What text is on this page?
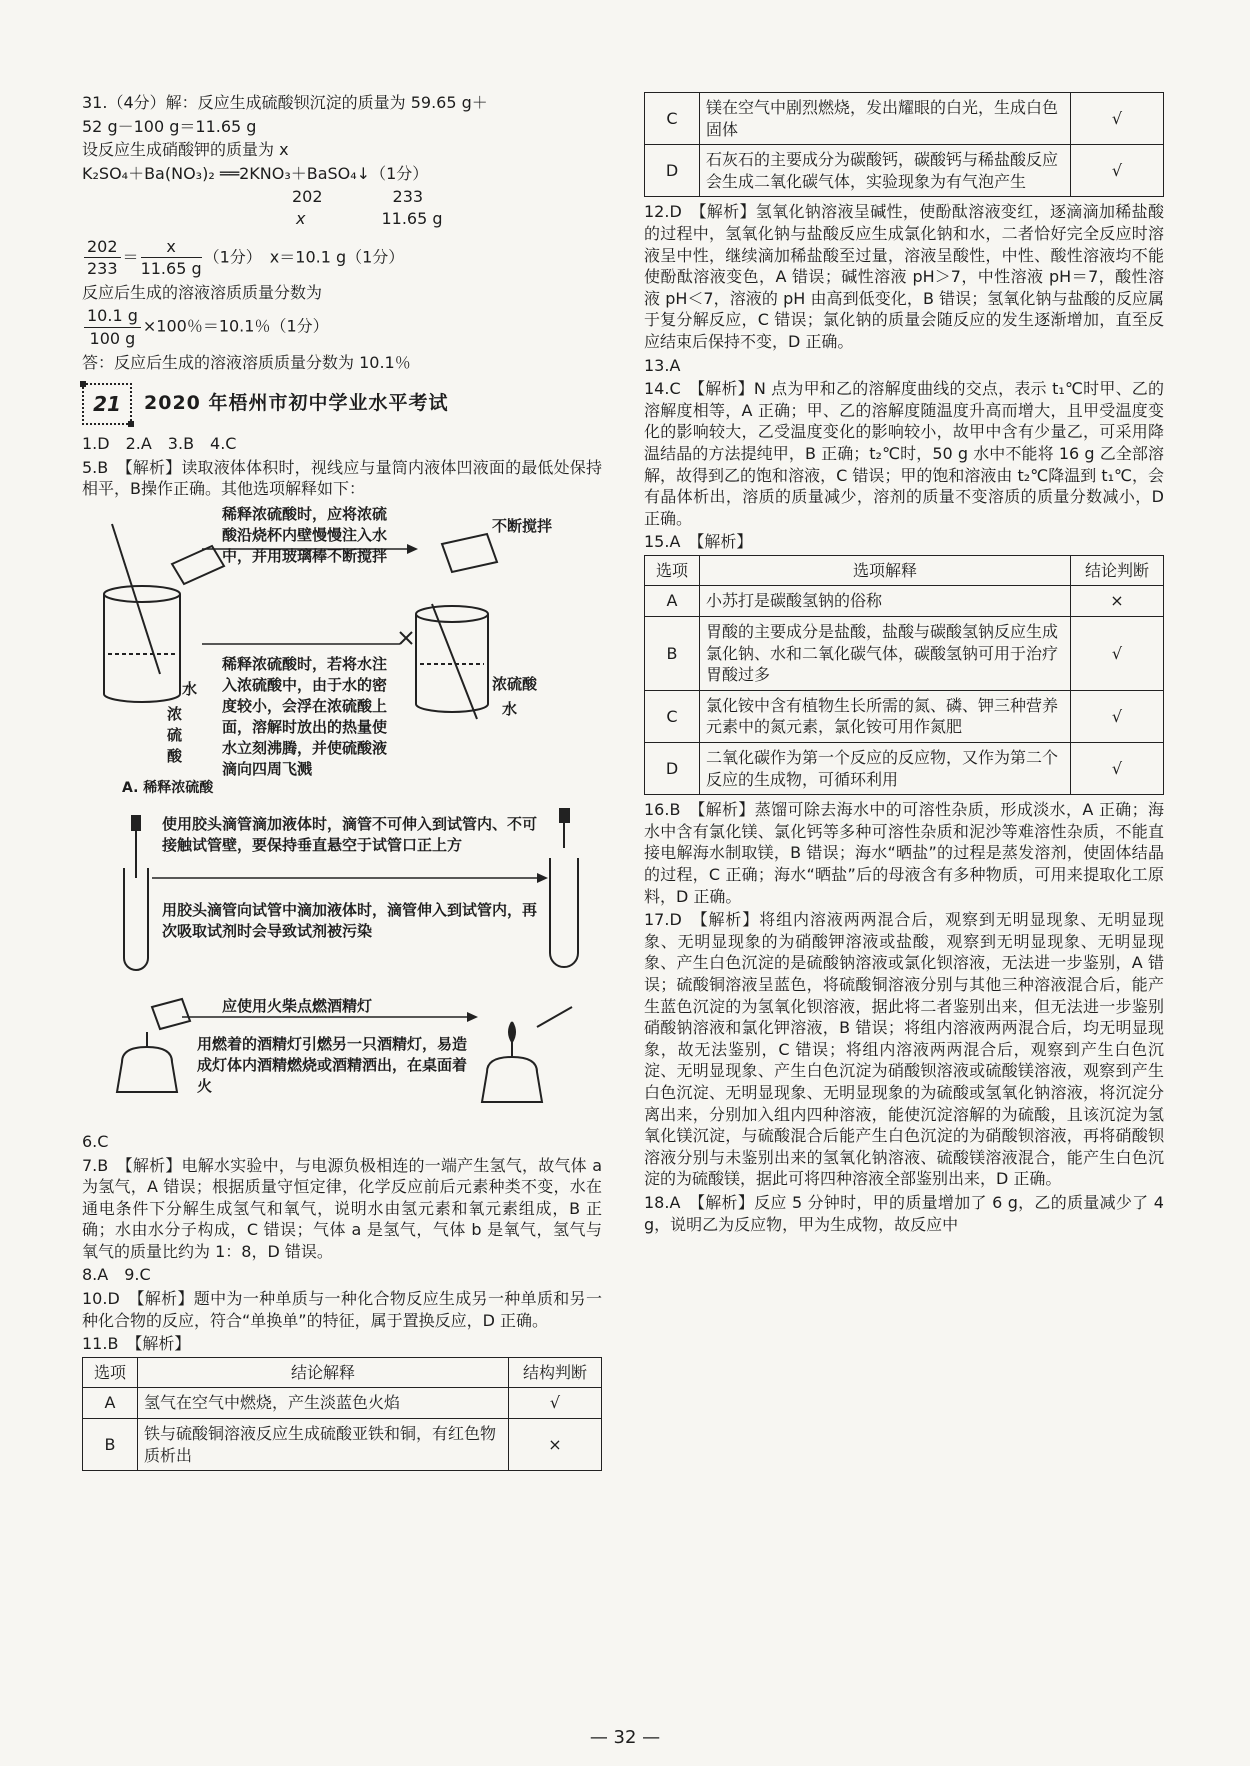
31.（4分）解：反应生成硫酸钡沉淀的质量为 59.65 g＋

52 g－100 g＝11.65 g

设反应生成硝酸钾的质量为 x

K₂SO₄＋Ba(NO₃)₂ ══2KNO₃＋BaSO₄↓（1分）

202	233
x	11.65 g

$\frac{202}{233} = \frac{x}{11.65 g} (1$分）　x＝10.1 g（1分）

反应后生成的溶液溶质质量分数为

$\frac{10.1 g}{100 g} \times 100$％＝10.1％（1分）

答：反应后生成的溶液溶质质量分数为 10.1％

21	2020 年梧州市初中学业水平考试

1.D　2.A　3.B　4.C

5.B　【解析】读取液体体积时，视线应与量筒内液体凹液面的最低处保持相平，B操作正确。其他选项解释如下：

稀释浓硫酸时，应将浓硫酸沿烧杯内壁慢慢注入水中，并用玻璃棒不断搅拌
不断搅拌
水
浓硫酸
浓硫酸
水
稀释浓硫酸时，若将水注入浓硫酸中，由于水的密度较小，会浮在浓硫酸上面，溶解时放出的热量使水立刻沸腾，并使硫酸液滴向四周飞溅
A. 稀释浓硫酸
使用胶头滴管滴加液体时，滴管不可伸入到试管内、不可接触试管壁，要保持垂直悬空于试管口正上方
用胶头滴管向试管中滴加液体时，滴管伸入到试管内，再次吸取试剂时会导致试剂被污染
应使用火柴点燃酒精灯
用燃着的酒精灯引燃另一只酒精灯，易造成灯体内酒精燃烧或酒精洒出，在桌面着火

6.C

7.B　【解析】电解水实验中，与电源负极相连的一端产生氢气，故气体 a 为氢气，A 错误；根据质量守恒定律，化学反应前后元素种类不变，水在通电条件下分解生成氢气和氧气，说明水由氢元素和氧元素组成，B 正确；水由水分子构成，C 错误；气体 a 是氢气，气体 b 是氧气，氢气与氧气的质量比约为 1：8，D 错误。

8.A　9.C

10.D　【解析】题中为一种单质与一种化合物反应生成另一种单质和另一种化合物的反应，符合“单换单”的特征，属于置换反应，D 正确。

11.B　【解析】

选项	结论解释	结构判断
A	氢气在空气中燃烧，产生淡蓝色火焰	√
B	铁与硫酸铜溶液反应生成硫酸亚铁和铜，有红色物质析出	×
C	镁在空气中剧烈燃烧，发出耀眼的白光，生成白色固体	√
D	石灰石的主要成分为碳酸钙，碳酸钙与稀盐酸反应会生成二氧化碳气体，实验现象为有气泡产生	√

12.D　【解析】氢氧化钠溶液呈碱性，使酚酞溶液变红，逐滴滴加稀盐酸的过程中，氢氧化钠与盐酸反应生成氯化钠和水，二者恰好完全反应时溶液呈中性，继续滴加稀盐酸至过量，溶液呈酸性，中性、酸性溶液均不能使酚酞溶液变色，A 错误；碱性溶液 pH＞7，中性溶液 pH＝7，酸性溶液 pH＜7，溶液的 pH 由高到低变化，B 错误；氢氧化钠与盐酸的反应属于复分解反应，C 错误；氯化钠的质量会随反应的发生逐渐增加，直至反应结束后保持不变，D 正确。

13.A

14.C　【解析】N 点为甲和乙的溶解度曲线的交点，表示 t₁℃时甲、乙的溶解度相等，A 正确；甲、乙的溶解度随温度升高而增大，且甲受温度变化的影响较大，乙受温度变化的影响较小，故甲中含有少量乙，可采用降温结晶的方法提纯甲，B 正确；t₂℃时，50 g 水中不能将 16 g 乙全部溶解，故得到乙的饱和溶液，C 错误；甲的饱和溶液由 t₂℃降温到 t₁℃，会有晶体析出，溶质的质量减少，溶剂的质量不变溶质的质量分数减小，D 正确。

15.A　【解析】

选项	选项解释	结论判断
A	小苏打是碳酸氢钠的俗称	×
B	胃酸的主要成分是盐酸，盐酸与碳酸氢钠反应生成氯化钠、水和二氧化碳气体，碳酸氢钠可用于治疗胃酸过多	√
C	氯化铵中含有植物生长所需的氮、磷、钾三种营养元素中的氮元素，氯化铵可用作氮肥	√
D	二氧化碳作为第一个反应的反应物，又作为第二个反应的生成物，可循环利用	√

16.B　【解析】蒸馏可除去海水中的可溶性杂质，形成淡水，A 正确；海水中含有氯化镁、氯化钙等多种可溶性杂质和泥沙等难溶性杂质，不能直接电解海水制取镁，B 错误；海水“晒盐”的过程是蒸发溶剂，使固体结晶的过程，C 正确；海水“晒盐”后的母液含有多种物质，可用来提取化工原料，D 正确。

17.D　【解析】将组内溶液两两混合后，观察到无明显现象、无明显现象、无明显现象的为硝酸钾溶液或盐酸，观察到无明显现象、无明显现象、产生白色沉淀的是硫酸钠溶液或氯化钡溶液，无法进一步鉴别，A 错误；硫酸铜溶液呈蓝色，将硫酸铜溶液分别与其他三种溶液混合后，能产生蓝色沉淀的为氢氧化钡溶液，据此将二者鉴别出来，但无法进一步鉴别硝酸钠溶液和氯化钾溶液，B 错误；将组内溶液两两混合后，均无明显现象，故无法鉴别，C 错误；将组内溶液两两混合后，观察到产生白色沉淀、无明显现象、产生白色沉淀为硝酸钡溶液或硫酸镁溶液，观察到产生白色沉淀、无明显现象、无明显现象的为硫酸或氢氧化钠溶液，将沉淀分离出来，分别加入组内四种溶液，能使沉淀溶解的为硫酸，且该沉淀为氢氧化镁沉淀，与硫酸混合后能产生白色沉淀的为硝酸钡溶液，再将硝酸钡溶液分别与未鉴别出来的氢氧化钠溶液、硫酸镁溶液混合，能产生白色沉淀的为硫酸镁，据此可将四种溶液全部鉴别出来，D 正确。

18.A　【解析】反应 5 分钟时，甲的质量增加了 6 g，乙的质量减少了 4 g，说明乙为反应物，甲为生成物，故反应中

— 32 —
